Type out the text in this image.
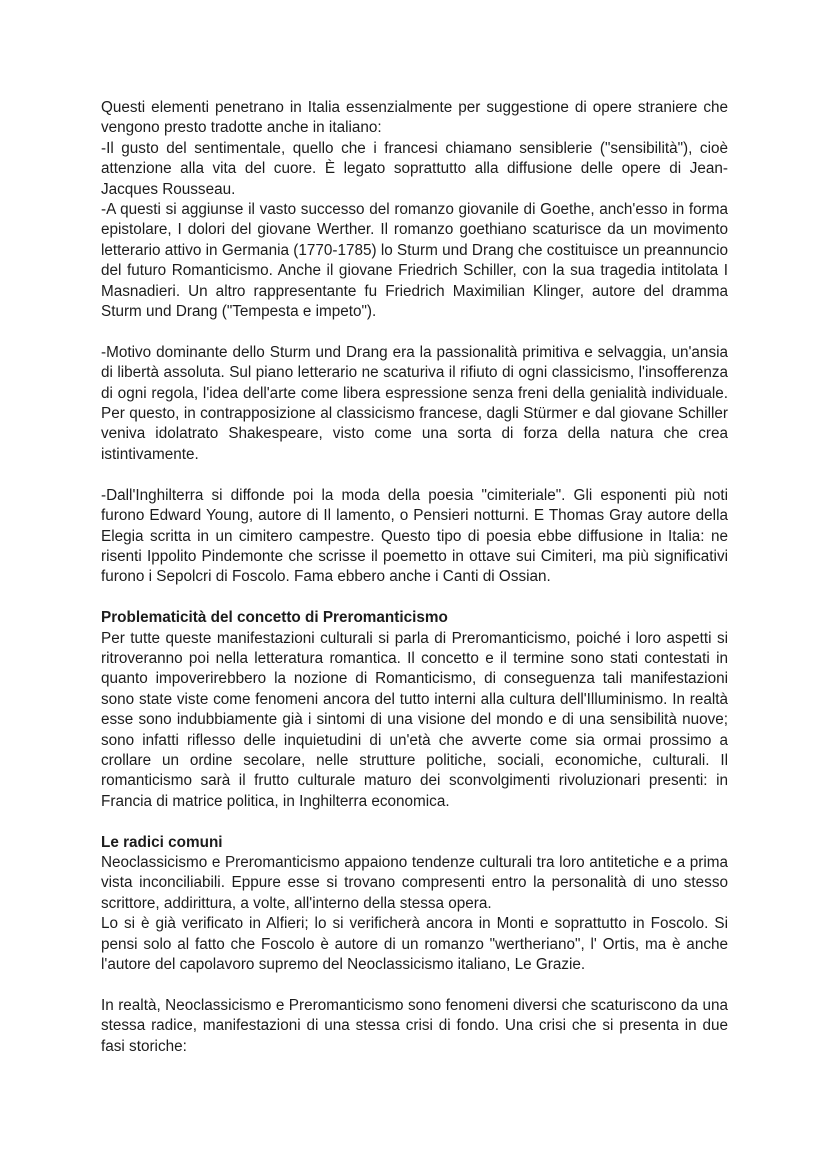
Questi elementi penetrano in Italia essenzialmente per suggestione di opere straniere che vengono presto tradotte anche in italiano:

-Il gusto del sentimentale, quello che i francesi chiamano sensiblerie ("sensibilità"), cioè attenzione alla vita del cuore. È legato soprattutto alla diffusione delle opere di Jean-Jacques Rousseau.

-A questi si aggiunse il vasto successo del romanzo giovanile di Goethe, anch'esso in forma epistolare, I dolori del giovane Werther. Il romanzo goethiano scaturisce da un movimento letterario attivo in Germania (1770-1785) lo Sturm und Drang che costituisce un preannuncio del futuro Romanticismo. Anche il giovane Friedrich Schiller, con la sua tragedia intitolata I Masnadieri. Un altro rappresentante fu Friedrich Maximilian Klinger, autore del dramma Sturm und Drang ("Tempesta e impeto").

-Motivo dominante dello Sturm und Drang era la passionalità primitiva e selvaggia, un'ansia di libertà assoluta. Sul piano letterario ne scaturiva il rifiuto di ogni classicismo, l'insofferenza di ogni regola, l'idea dell'arte come libera espressione senza freni della genialità individuale. Per questo, in contrapposizione al classicismo francese, dagli Stürmer e dal giovane Schiller veniva idolatrato Shakespeare, visto come una sorta di forza della natura che crea istintivamente.

-Dall'Inghilterra si diffonde poi la moda della poesia "cimiteriale". Gli esponenti più noti furono Edward Young, autore di Il lamento, o Pensieri notturni. E Thomas Gray autore della Elegia scritta in un cimitero campestre. Questo tipo di poesia ebbe diffusione in Italia: ne risenti Ippolito Pindemonte che scrisse il poemetto in ottave sui Cimiteri, ma più significativi furono i Sepolcri di Foscolo. Fama ebbero anche i Canti di Ossian.

Problematicità del concetto di Preromanticismo

Per tutte queste manifestazioni culturali si parla di Preromanticismo, poiché i loro aspetti si ritroveranno poi nella letteratura romantica. Il concetto e il termine sono stati contestati in quanto impoverirebbero la nozione di Romanticismo, di conseguenza tali manifestazioni sono state viste come fenomeni ancora del tutto interni alla cultura dell'Illuminismo. In realtà esse sono indubbiamente già i sintomi di una visione del mondo e di una sensibilità nuove; sono infatti riflesso delle inquietudini di un'età che avverte come sia ormai prossimo a crollare un ordine secolare, nelle strutture politiche, sociali, economiche, culturali. Il romanticismo sarà il frutto culturale maturo dei sconvolgimenti rivoluzionari presenti: in Francia di matrice politica, in Inghilterra economica.

Le radici comuni

Neoclassicismo e Preromanticismo appaiono tendenze culturali tra loro antitetiche e a prima vista inconciliabili. Eppure esse si trovano compresenti entro la personalità di uno stesso scrittore, addirittura, a volte, all'interno della stessa opera.

Lo si è già verificato in Alfieri; lo si verificherà ancora in Monti e soprattutto in Foscolo. Si pensi solo al fatto che Foscolo è autore di un romanzo "wertheriano", l' Ortis, ma è anche l'autore del capolavoro supremo del Neoclassicismo italiano, Le Grazie.

In realtà, Neoclassicismo e Preromanticismo sono fenomeni diversi che scaturiscono da una stessa radice, manifestazioni di una stessa crisi di fondo. Una crisi che si presenta in due fasi storiche:
